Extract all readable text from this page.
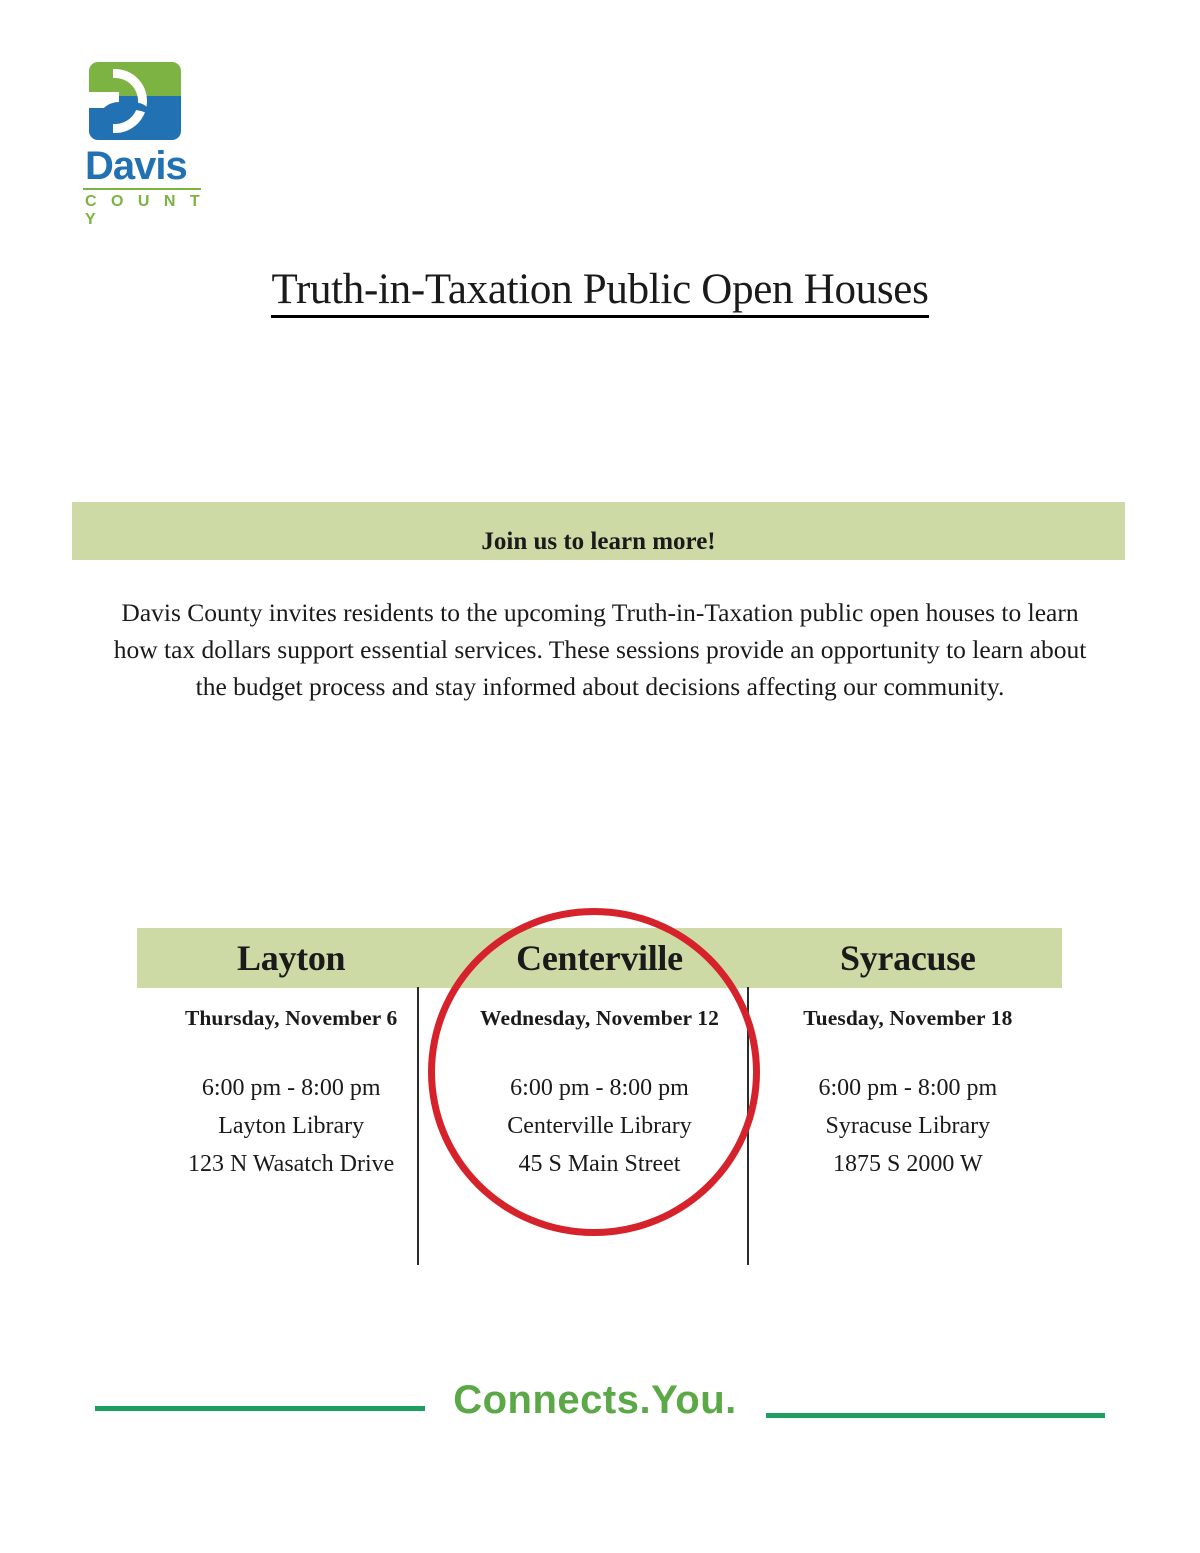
Davis
C O U N T Y
Truth-in-Taxation Public Open Houses
Join us to learn more!

Davis County invites residents to the upcoming Truth-in-Taxation public open houses to learn how tax dollars support essential services. These sessions provide an opportunity to learn about the budget process and stay informed about decisions affecting our community.

Layton	Centerville	Syracuse
Thursday, November 6
6:00 pm - 8:00 pm
Layton Library
123 N Wasatch Drive
Wednesday, November 12
6:00 pm - 8:00 pm
Centerville Library
45 S Main Street
Tuesday, November 18
6:00 pm - 8:00 pm
Syracuse Library
1875 S 2000 W
Connects.You.
